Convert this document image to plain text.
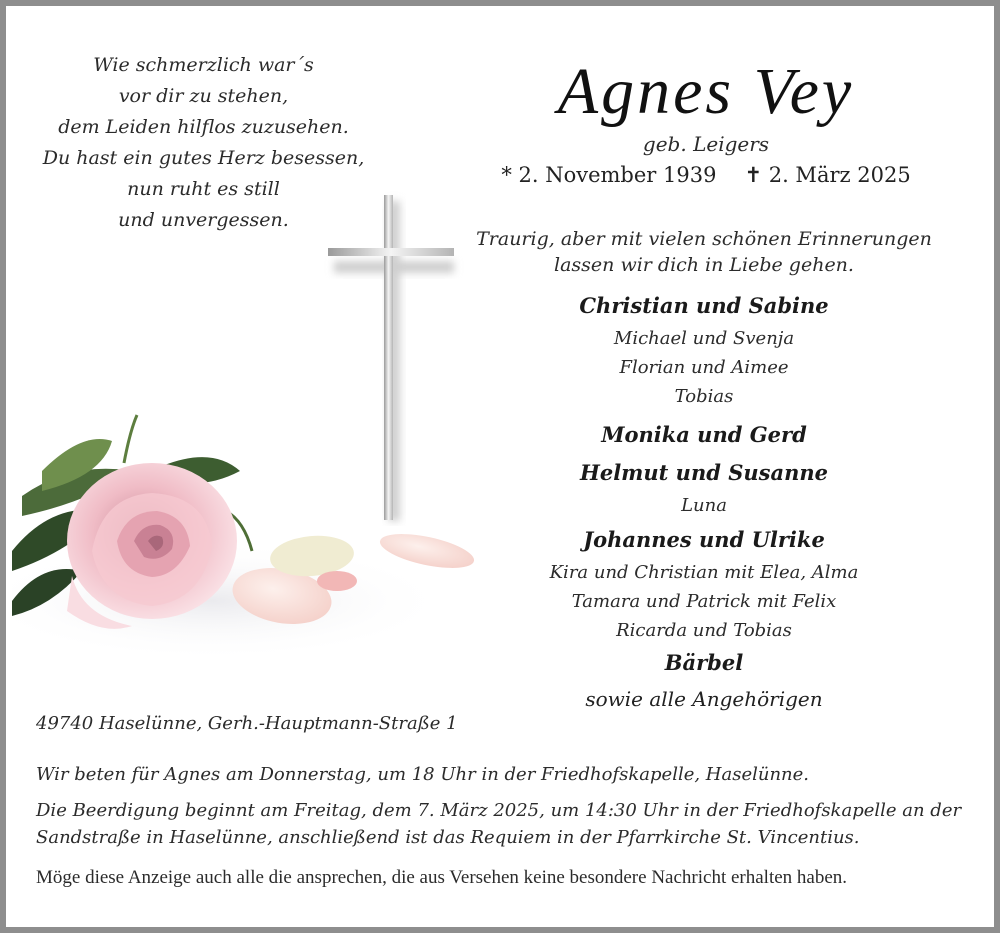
Wie schmerzlich war´s
vor dir zu stehen,
dem Leiden hilflos zuzusehen.
Du hast ein gutes Herz besessen,
nun ruht es still
und unvergessen.
Agnes Vey
geb. Leigers
* 2. November 1939 ✝ 2. März 2025
Traurig, aber mit vielen schönen Erinnerungen
lassen wir dich in Liebe gehen.
Christian und Sabine
Michael und Svenja
Florian und Aimee
Tobias
Monika und Gerd
Helmut und Susanne
Luna
Johannes und Ulrike
Kira und Christian mit Elea, Alma
Tamara und Patrick mit Felix
Ricarda und Tobias
Bärbel
sowie alle Angehörigen
49740 Haselünne, Gerh.-Hauptmann-Straße 1
Wir beten für Agnes am Donnerstag, um 18 Uhr in der Friedhofskapelle, Haselünne.
Die Beerdigung beginnt am Freitag, dem 7. März 2025, um 14:30 Uhr in der Friedhofskapelle an der Sandstraße in Haselünne, anschließend ist das Requiem in der Pfarrkirche St. Vincentius.
Möge diese Anzeige auch alle die ansprechen, die aus Versehen keine besondere Nachricht erhalten haben.
